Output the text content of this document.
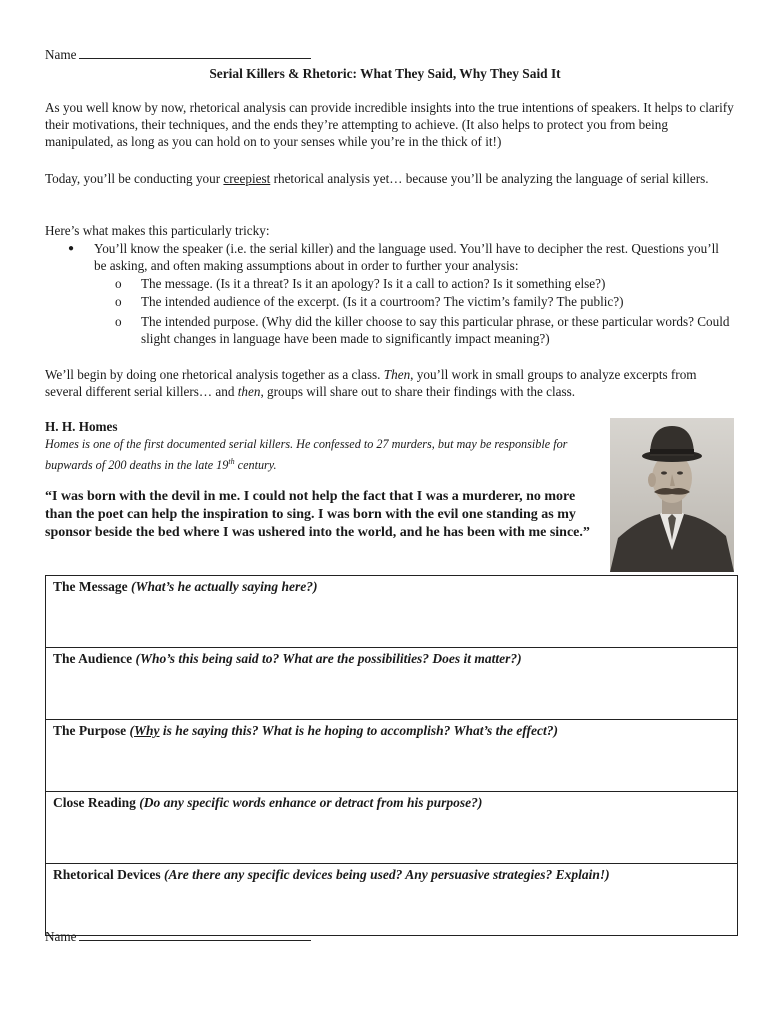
Name
Serial Killers & Rhetoric: What They Said, Why They Said It

As you well know by now, rhetorical analysis can provide incredible insights into the true intentions of speakers. It helps to clarify their motivations, their techniques, and the ends they’re attempting to achieve. (It also helps to protect you from being manipulated, as long as you can hold on to your senses while you’re in the thick of it!)

Today, you’ll be conducting your creepiest rhetorical analysis yet… because you’ll be analyzing the language of serial killers.

Here’s what makes this particularly tricky:

●	You’ll know the speaker (i.e. the serial killer) and the language used. You’ll have to decipher the rest. Questions you’ll be asking, and often making assumptions about in order to further your analysis:
o	The message. (Is it a threat? Is it an apology? Is it a call to action? Is it something else?)
o	The intended audience of the excerpt. (Is it a courtroom? The victim’s family? The public?)
o	The intended purpose. (Why did the killer choose to say this particular phrase, or these particular words? Could slight changes in language have been made to significantly impact meaning?)

We’ll begin by doing one rhetorical analysis together as a class. Then, you’ll work in small groups to analyze excerpts from several different serial killers… and then, groups will share out to share their findings with the class.

H. H. Homes
Homes is one of the first documented serial killers. He confessed to 27 murders, but may be responsible for bupwards of 200 deaths in the late 19th century.
“I was born with the devil in me. I could not help the fact that I was a murderer, no more than the poet can help the inspiration to sing. I was born with the evil one standing as my sponsor beside the bed where I was ushered into the world, and he has been with me since.”
The Message (What’s he actually saying here?)
The Audience (Who’s this being said to? What are the possibilities? Does it matter?)
The Purpose (Why is he saying this? What is he hoping to accomplish? What’s the effect?)
Close Reading (Do any specific words enhance or detract from his purpose?)
Rhetorical Devices (Are there any specific devices being used? Any persuasive strategies? Explain!)
Name
